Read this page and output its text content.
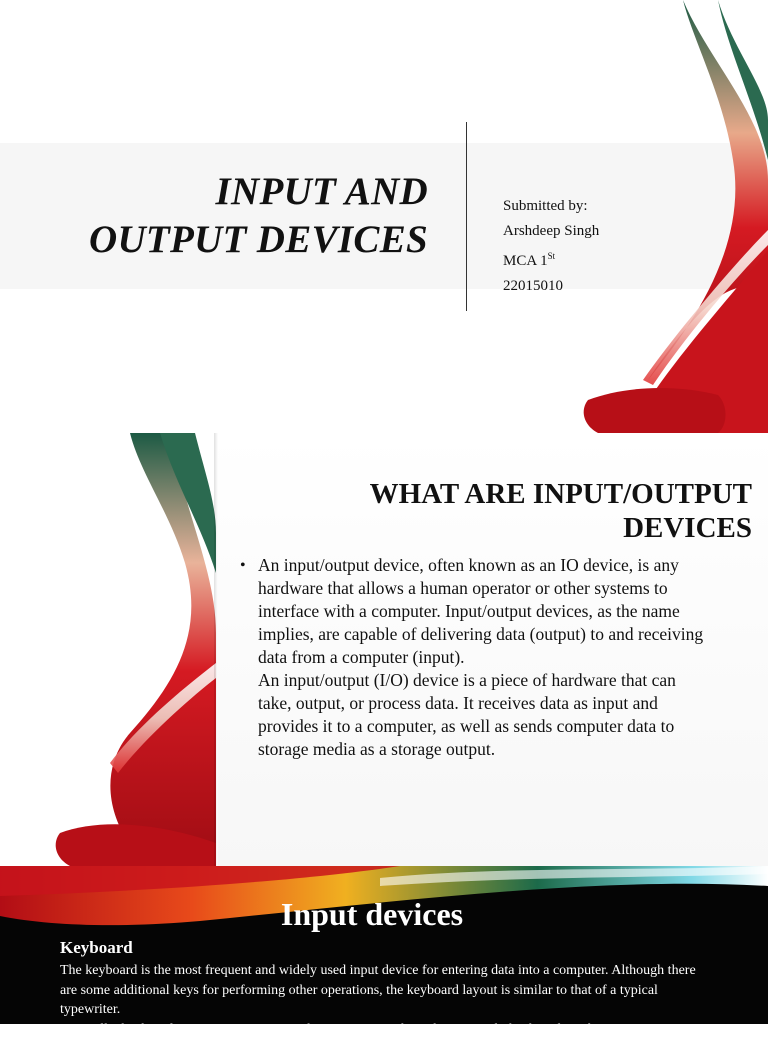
INPUT AND
OUTPUT DEVICES
Submitted by:
Arshdeep Singh
MCA 1St
22015010
WHAT ARE INPUT/OUTPUT
DEVICES
• An input/output device, often known as an IO device, is any hardware that allows a human operator or other systems to interface with a computer. Input/output devices, as the name implies, are capable of delivering data (output) to and receiving data from a computer (input).

An input/output (I/O) device is a piece of hardware that can take, output, or process data. It receives data as input and provides it to a computer, as well as sends computer data to storage media as a storage output.

Input devices
Keyboard
The keyboard is the most frequent and widely used input device for entering data into a computer. Although there are some additional keys for performing other operations, the keyboard layout is similar to that of a typical typewriter.
Generally, keyboards come in two sizes: 84 keys or 101/102 keys, but currently keyboards with
